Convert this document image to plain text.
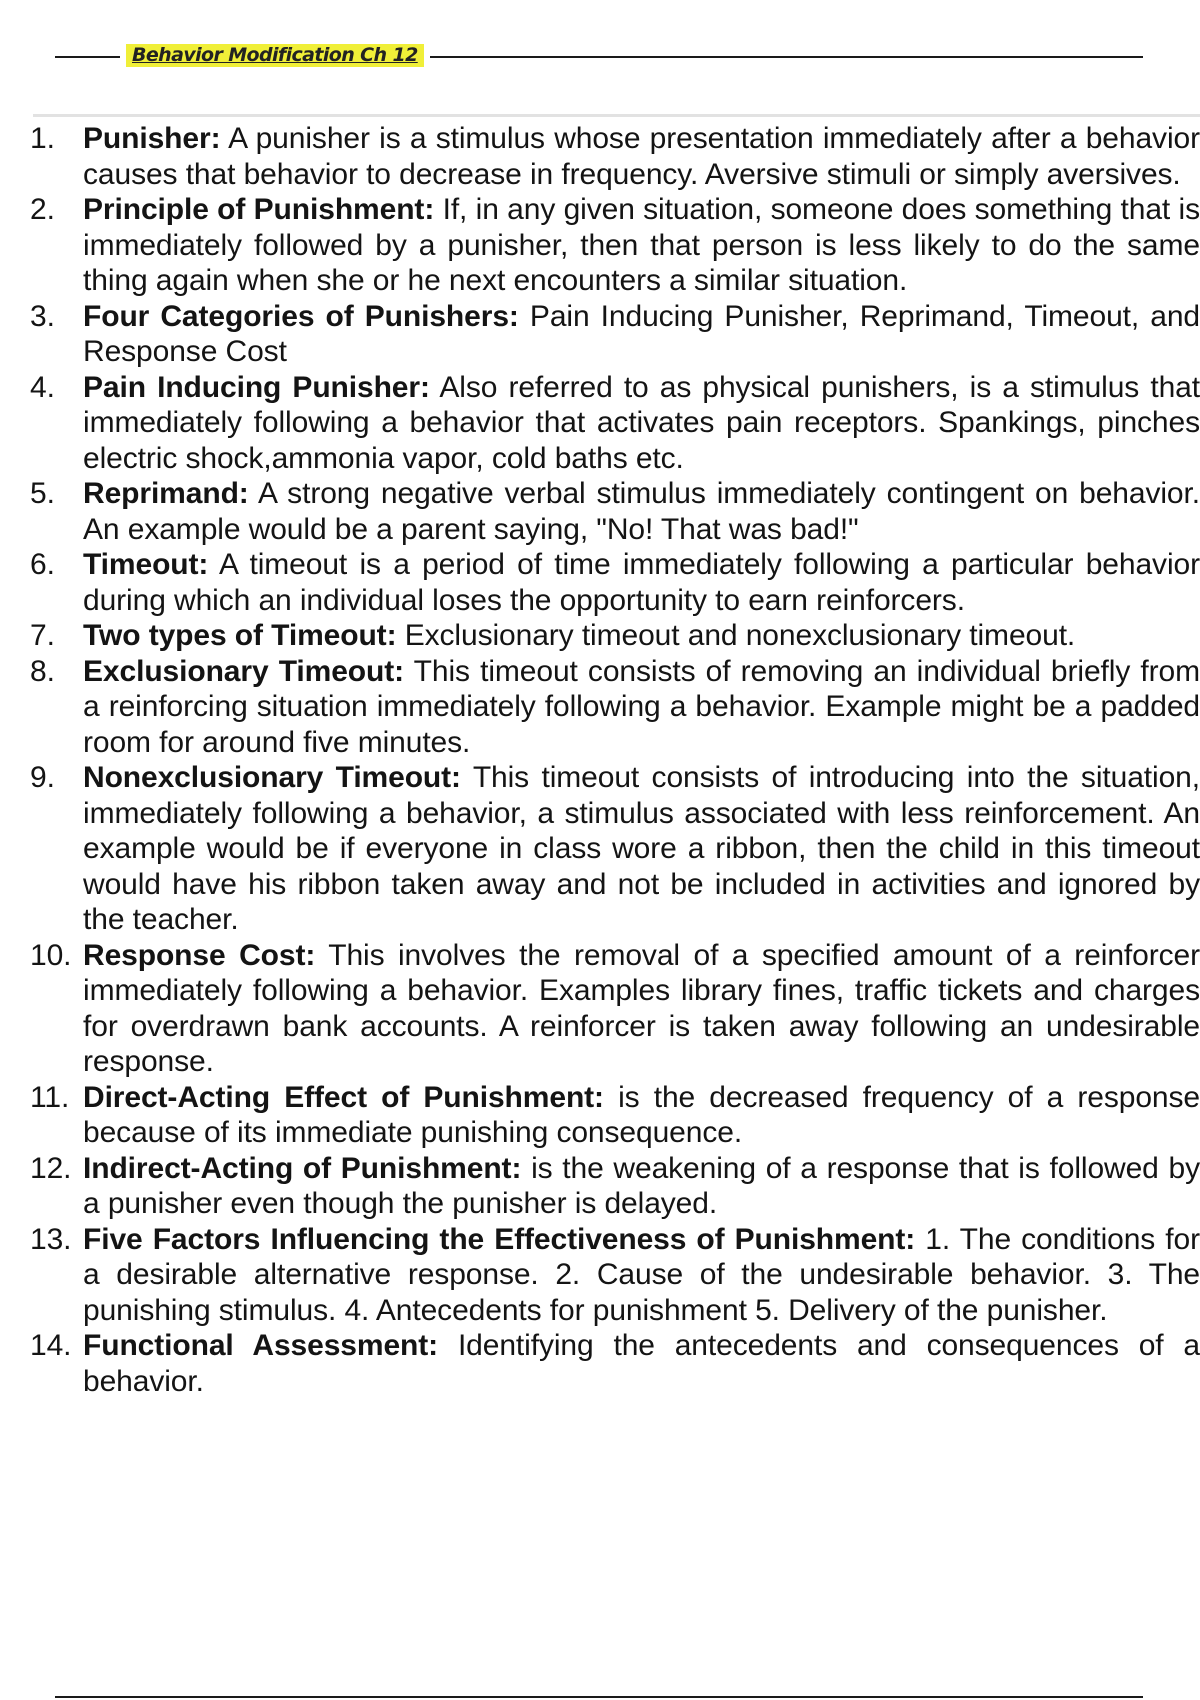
Behavior Modification Ch 12
1. Punisher: A punisher is a stimulus whose presentation immediately after a behavior causes that behavior to decrease in frequency. Aversive stimuli or simply aversives.
2. Principle of Punishment: If, in any given situation, someone does something that is immediately followed by a punisher, then that person is less likely to do the same thing again when she or he next encounters a similar situation.
3. Four Categories of Punishers: Pain Inducing Punisher, Reprimand, Timeout, and Response Cost
4. Pain Inducing Punisher: Also referred to as physical punishers, is a stimulus that immediately following a behavior that activates pain receptors. Spankings, pinches electric shock,ammonia vapor, cold baths etc.
5. Reprimand: A strong negative verbal stimulus immediately contingent on behavior. An example would be a parent saying, "No! That was bad!"
6. Timeout: A timeout is a period of time immediately following a particular behavior during which an individual loses the opportunity to earn reinforcers.
7. Two types of Timeout: Exclusionary timeout and nonexclusionary timeout.
8. Exclusionary Timeout: This timeout consists of removing an individual briefly from a reinforcing situation immediately following a behavior. Example might be a padded room for around five minutes.
9. Nonexclusionary Timeout: This timeout consists of introducing into the situation, immediately following a behavior, a stimulus associated with less reinforcement. An example would be if everyone in class wore a ribbon, then the child in this timeout would have his ribbon taken away and not be included in activities and ignored by the teacher.
10. Response Cost: This involves the removal of a specified amount of a reinforcer immediately following a behavior. Examples library fines, traffic tickets and charges for overdrawn bank accounts. A reinforcer is taken away following an undesirable response.
11. Direct-Acting Effect of Punishment: is the decreased frequency of a response because of its immediate punishing consequence.
12. Indirect-Acting of Punishment: is the weakening of a response that is followed by a punisher even though the punisher is delayed.
13. Five Factors Influencing the Effectiveness of Punishment: 1. The conditions for a desirable alternative response. 2. Cause of the undesirable behavior. 3. The punishing stimulus. 4. Antecedents for punishment 5. Delivery of the punisher.
14. Functional Assessment: Identifying the antecedents and consequences of a behavior.
